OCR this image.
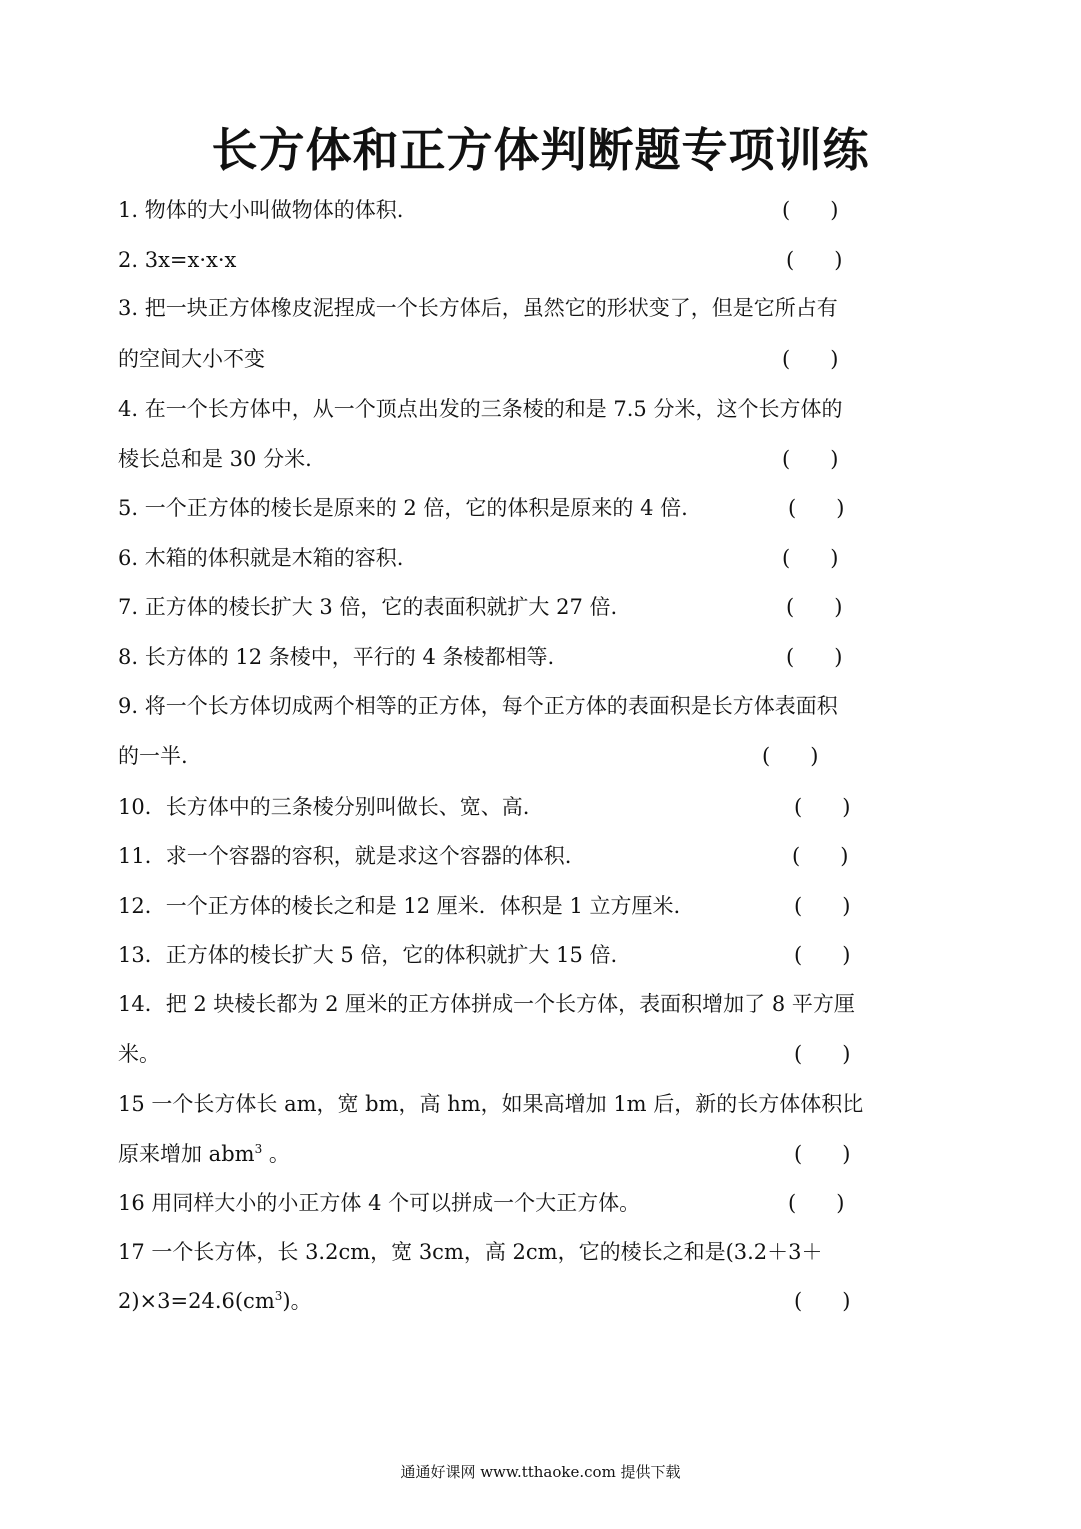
长方体和正方体判断题专项训练
1. 物体的大小叫做物体的体积.	(      )
2. 3x=x·x·x	(      )
3. 把一块正方体橡皮泥捏成一个长方体后，虽然它的形状变了，但是它所占有
的空间大小不变	(      )
4. 在一个长方体中，从一个顶点出发的三条棱的和是 7.5 分米，这个长方体的
棱长总和是 30 分米.	(      )
5. 一个正方体的棱长是原来的 2 倍，它的体积是原来的 4 倍.	(      )
6. 木箱的体积就是木箱的容积.	(      )
7. 正方体的棱长扩大 3 倍，它的表面积就扩大 27 倍.	(      )
8. 长方体的 12 条棱中，平行的 4 条棱都相等.	(      )
9. 将一个长方体切成两个相等的正方体，每个正方体的表面积是长方体表面积
的一半.	(      )
10．长方体中的三条棱分别叫做长、宽、高.	(      )
11．求一个容器的容积，就是求这个容器的体积.	(      )
12．一个正方体的棱长之和是 12 厘米．体积是 1 立方厘米.	(      )
13．正方体的棱长扩大 5 倍，它的体积就扩大 15 倍.	(      )
14．把 2 块棱长都为 2 厘米的正方体拼成一个长方体，表面积增加了 8 平方厘
米。	(      )
15 一个长方体长 am，宽 bm，高 hm，如果高增加 1m 后，新的长方体体积比
原来增加 abm$^3$ 。	(      )
16 用同样大小的小正方体 4 个可以拼成一个大正方体。	(      )
17 一个长方体，长 3.2cm，宽 3cm，高 2cm，它的棱长之和是(3.2＋3＋
$2)\times 3=24.6(cm^3)$。	(      )
通通好课网 www.tthaoke.com 提供下载
